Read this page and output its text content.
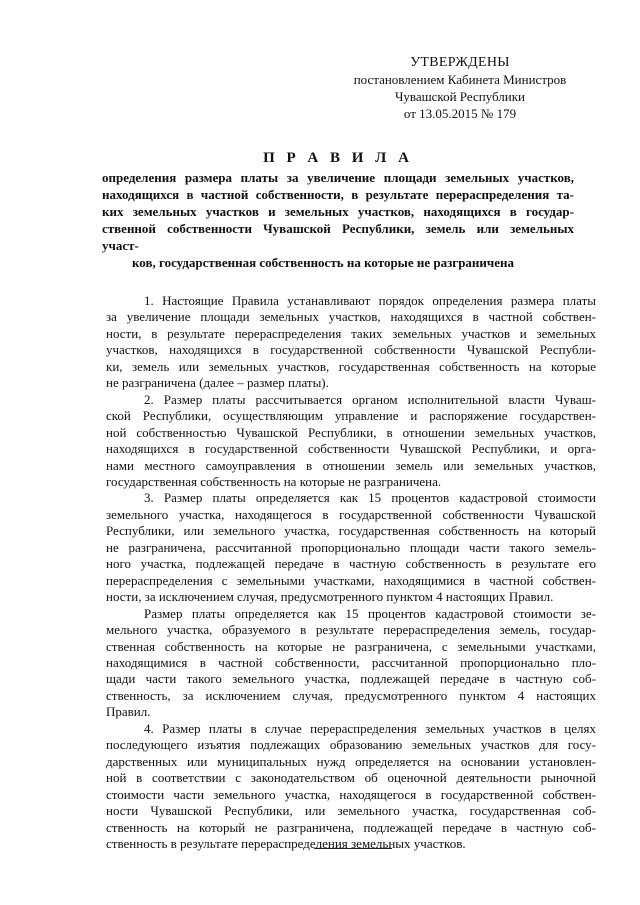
УТВЕРЖДЕНЫ
постановлением Кабинета Министров
Чувашской Республики
от 13.05.2015 № 179
П Р А В И Л А
определения размера платы за увеличение площади земельных участков,
находящихся в частной собственности, в результате перераспределения та-
ких земельных участков и земельных участков, находящихся в государ-
ственной собственности Чувашской Республики, земель или земельных
участ-
ков, государственная собственность на которые не разграничена
1. Настоящие Правила устанавливают порядок определения размера платы
за увеличение площади земельных участков, находящихся в частной собствен-
ности, в результате перераспределения таких земельных участков и земельных
участков, находящихся в государственной собственности Чувашской Республи-
ки, земель или земельных участков, государственная собственность на которые
не разграничена (далее – размер платы).
2. Размер платы рассчитывается органом исполнительной власти Чуваш-
ской Республики, осуществляющим управление и распоряжение государствен-
ной собственностью Чувашской Республики, в отношении земельных участков,
находящихся в государственной собственности Чувашской Республики, и орга-
нами местного самоуправления в отношении земель или земельных участков,
государственная собственность на которые не разграничена.
3. Размер платы определяется как 15 процентов кадастровой стоимости
земельного участка, находящегося в государственной собственности Чувашской
Республики, или земельного участка, государственная собственность на который
не разграничена, рассчитанной пропорционально площади части такого земель-
ного участка, подлежащей передаче в частную собственность в результате его
перераспределения с земельными участками, находящимися в частной собствен-
ности, за исключением случая, предусмотренного пунктом 4 настоящих Правил.
Размер платы определяется как 15 процентов кадастровой стоимости зе-
мельного участка, образуемого в результате перераспределения земель, государ-
ственная собственность на которые не разграничена, с земельными участками,
находящимися в частной собственности, рассчитанной пропорционально пло-
щади части такого земельного участка, подлежащей передаче в частную соб-
ственность, за исключением случая, предусмотренного пунктом 4 настоящих
Правил.
4. Размер платы в случае перераспределения земельных участков в целях
последующего изъятия подлежащих образованию земельных участков для госу-
дарственных или муниципальных нужд определяется на основании установлен-
ной в соответствии с законодательством об оценочной деятельности рыночной
стоимости части земельного участка, находящегося в государственной собствен-
ности Чувашской Республики, или земельного участка, государственная соб-
ственность на который не разграничена, подлежащей передаче в частную соб-
ственность в результате перераспределения земельных участков.
